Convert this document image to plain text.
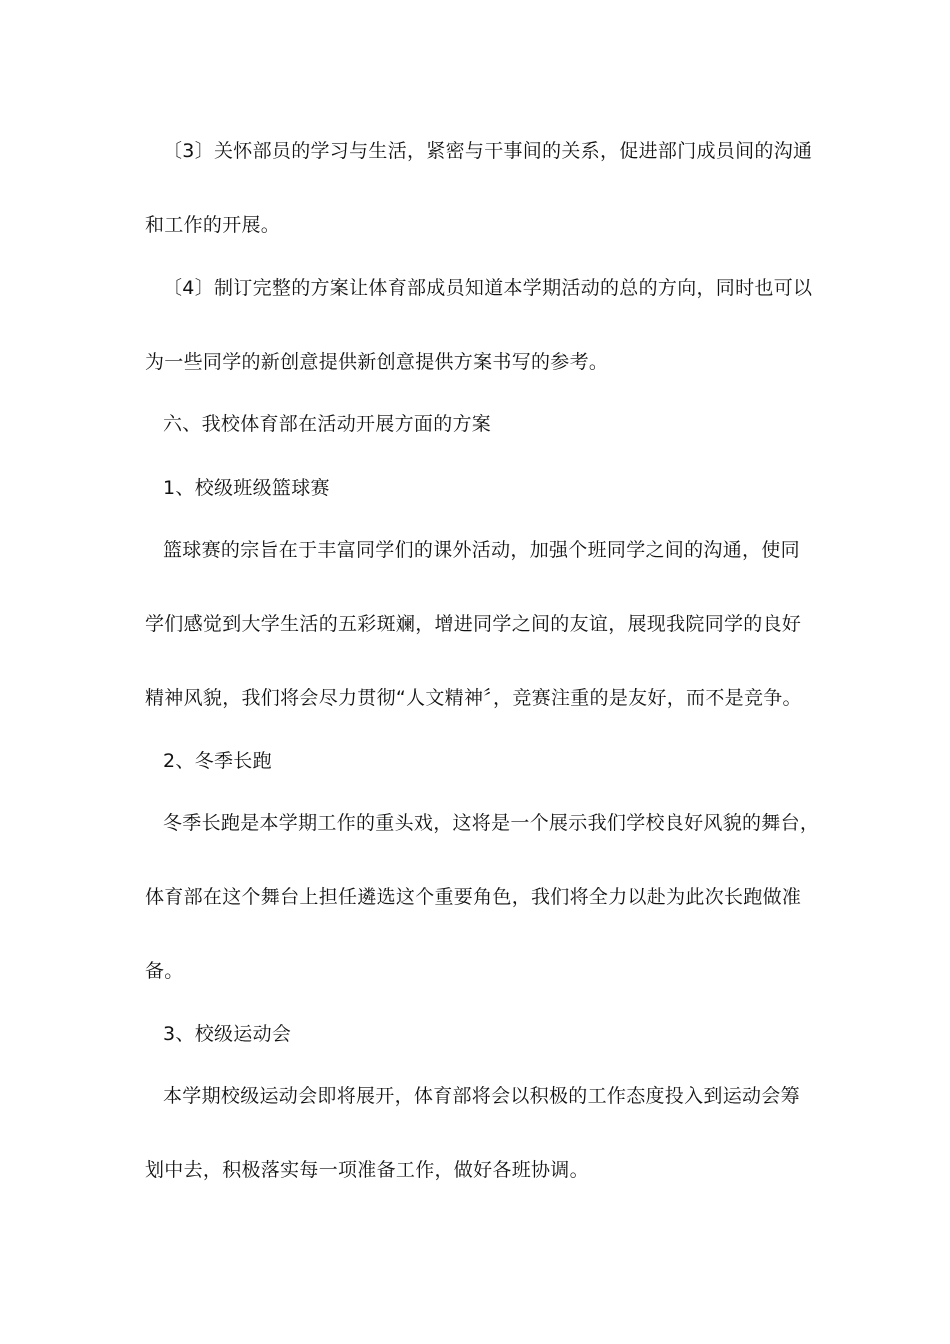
〔3〕关怀部员的学习与生活，紧密与干事间的关系，促进部门成员间的沟通
和工作的开展。
〔4〕制订完整的方案让体育部成员知道本学期活动的总的方向，同时也可以
为一些同学的新创意提供新创意提供方案书写的参考。
六、我校体育部在活动开展方面的方案
1、校级班级篮球赛
篮球赛的宗旨在于丰富同学们的课外活动，加强个班同学之间的沟通，使同
学们感觉到大学生活的五彩斑斓，增进同学之间的友谊，展现我院同学的良好
精神风貌，我们将会尽力贯彻“人文精神〞，竞赛注重的是友好，而不是竞争。
2、冬季长跑
冬季长跑是本学期工作的重头戏，这将是一个展示我们学校良好风貌的舞台，
体育部在这个舞台上担任遴选这个重要角色，我们将全力以赴为此次长跑做准
备。
3、校级运动会
本学期校级运动会即将展开，体育部将会以积极的工作态度投入到运动会筹
划中去，积极落实每一项准备工作，做好各班协调。
